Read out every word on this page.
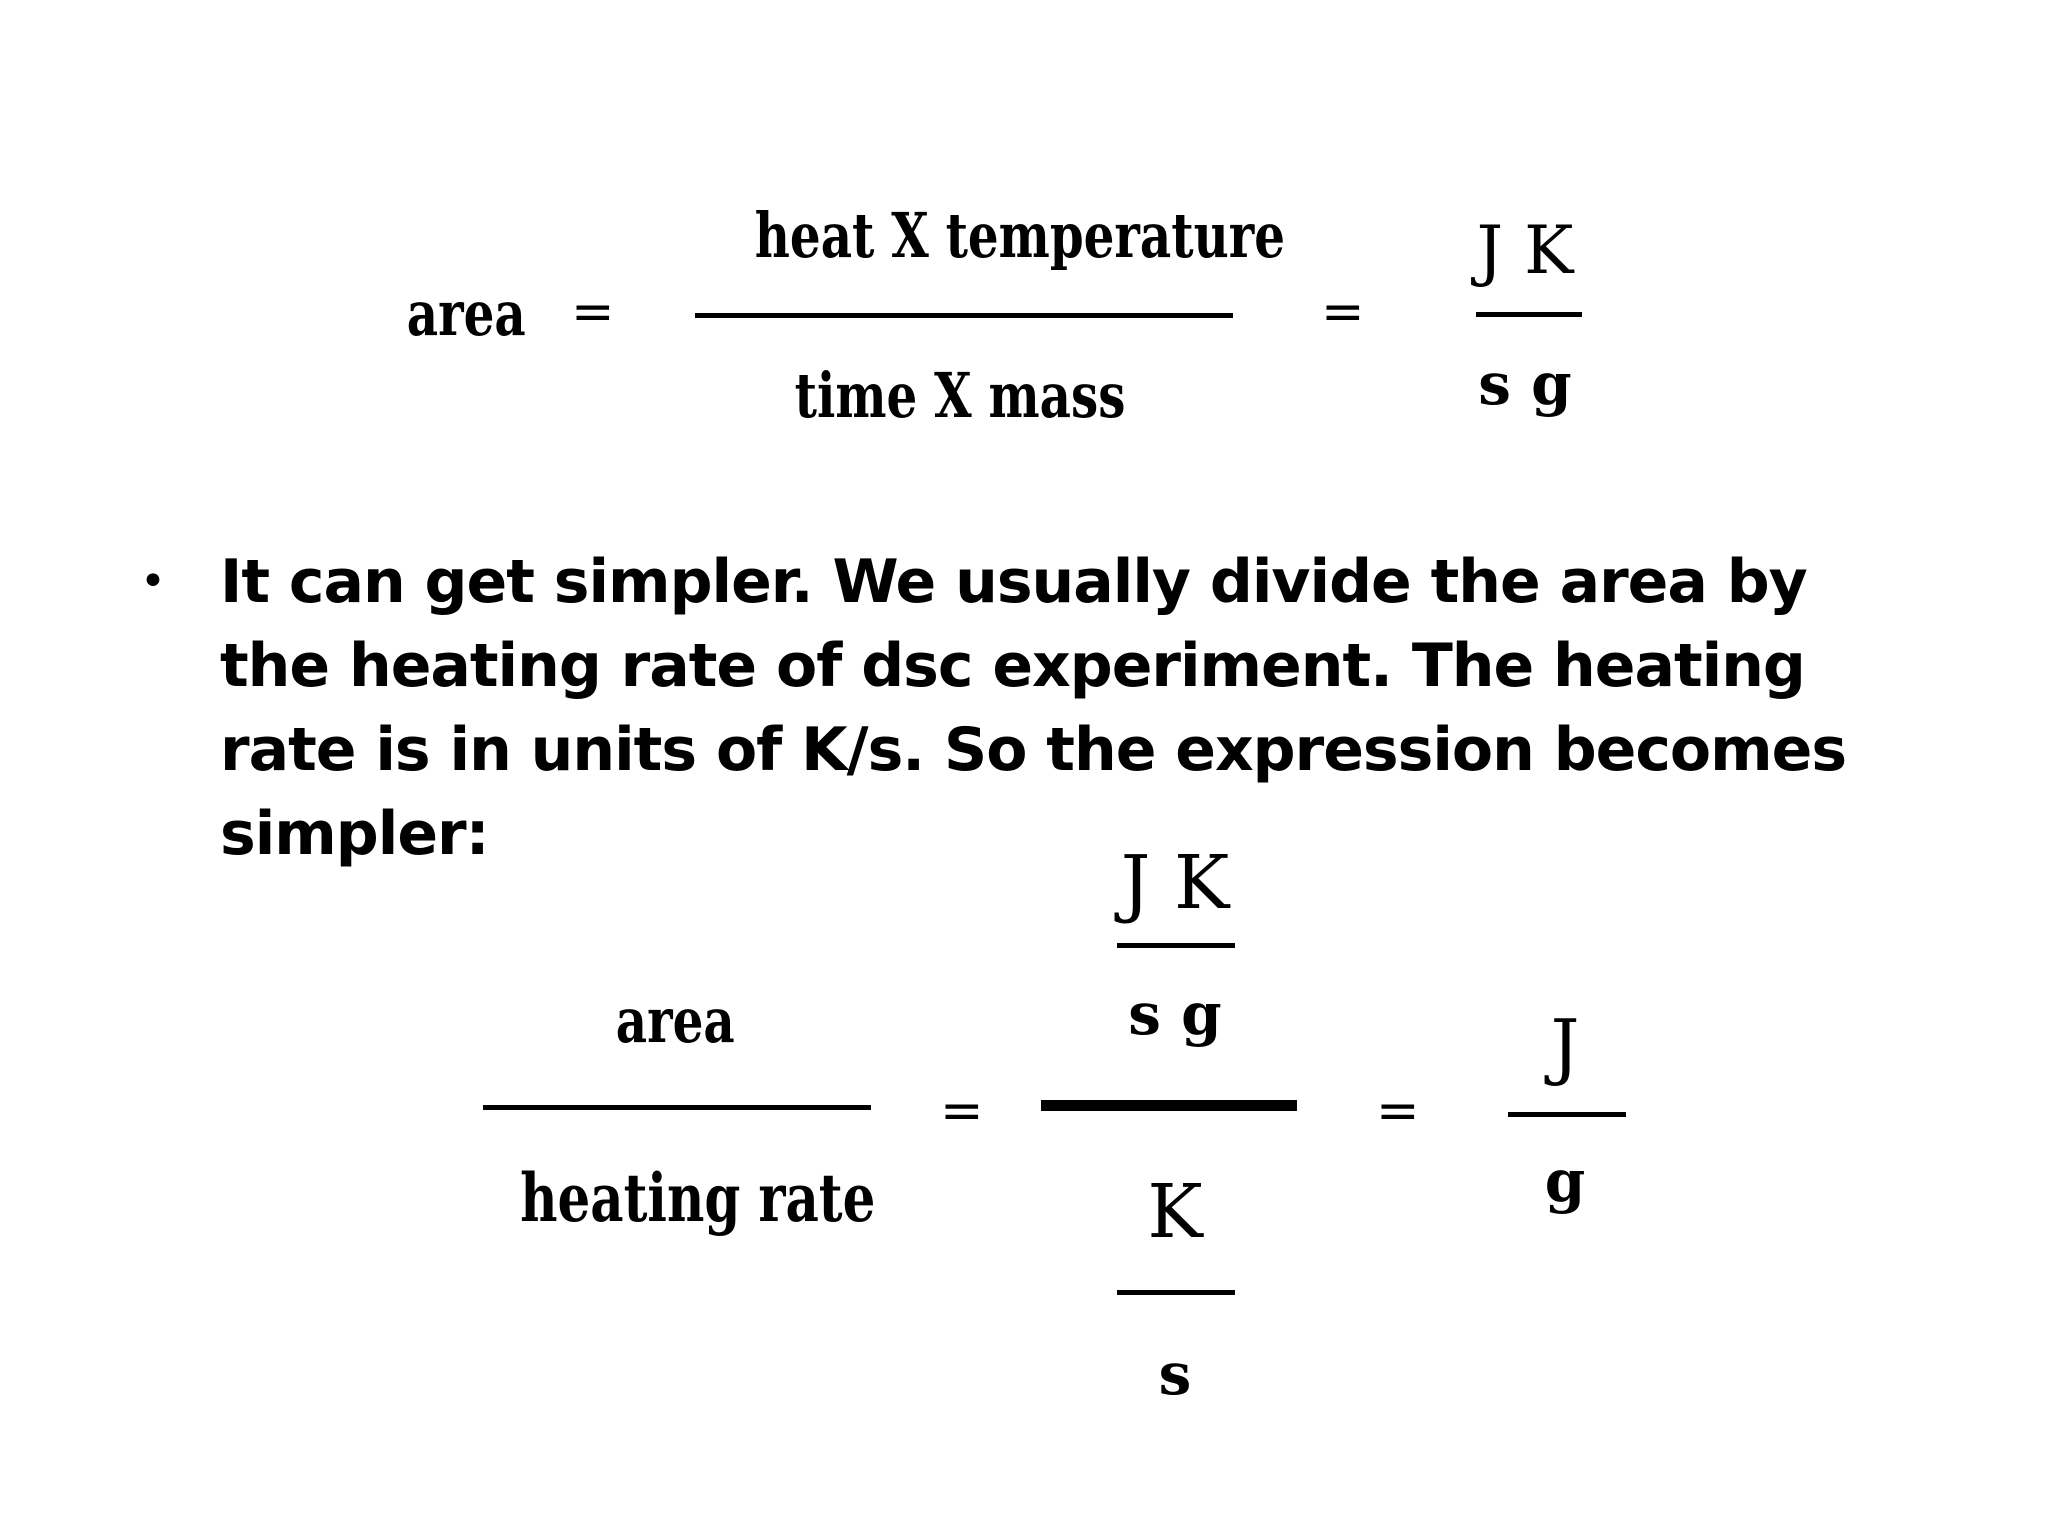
area =
heat X temperature
time X mass
=
J K
s g
• It can get simpler. We usually divide the area by the heating rate of dsc experiment. The heating rate is in units of K/s. So the expression becomes simpler:
area
heating rate
=
J K
s g
K
s
=
J
g
